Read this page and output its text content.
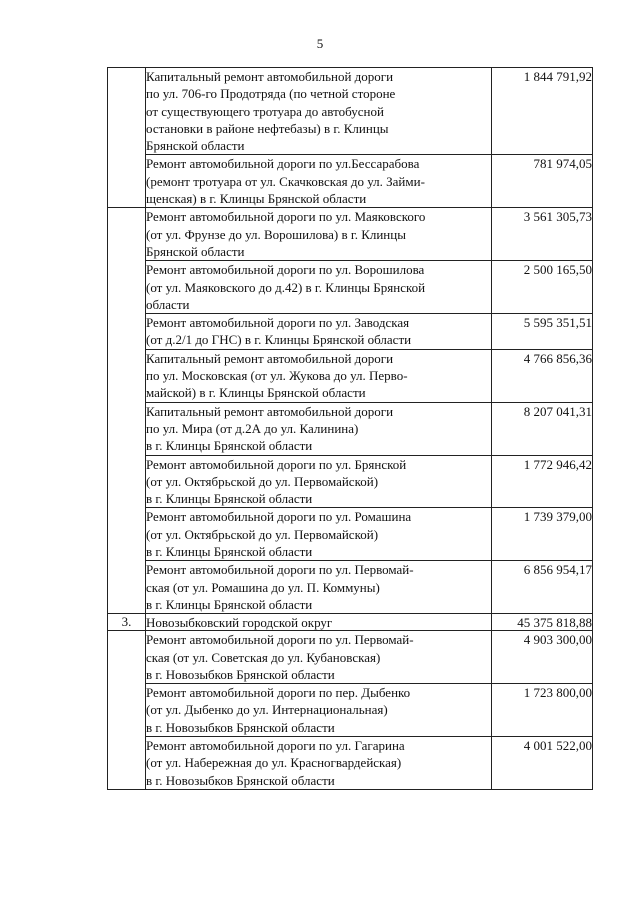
5

	Капитальный ремонт автомобильной дороги
по ул. 706-го Продотряда (по четной стороне
от существующего тротуара до автобусной
остановки в районе нефтебазы) в г. Клинцы
Брянской области	1 844 791,92

	Ремонт автомобильной дороги по ул.Бессарабова
(ремонт тротуара от ул. Скачковская до ул. Займи-
щенская) в г. Клинцы Брянской области	781 974,05

	Ремонт автомобильной дороги по ул. Маяковского
(от ул. Фрунзе до ул. Ворошилова) в г. Клинцы
Брянской области	3 561 305,73

	Ремонт автомобильной дороги по ул. Ворошилова
(от ул. Маяковского до д.42) в г. Клинцы Брянской
области	2 500 165,50

	Ремонт автомобильной дороги по ул. Заводская
(от д.2/1 до ГНС) в г. Клинцы Брянской области	5 595 351,51

	Капитальный ремонт автомобильной дороги
по ул. Московская (от ул. Жукова до ул. Перво-
майской) в г. Клинцы Брянской области	4 766 856,36

	Капитальный ремонт автомобильной дороги
по ул. Мира (от д.2А до ул. Калинина)
в г. Клинцы Брянской области	8 207 041,31

	Ремонт автомобильной дороги по ул. Брянской
(от ул. Октябрьской до ул. Первомайской)
в г. Клинцы Брянской области	1 772 946,42

	Ремонт автомобильной дороги по ул. Ромашина
(от ул. Октябрьской до ул. Первомайской)
в г. Клинцы Брянской области	1 739 379,00

	Ремонт автомобильной дороги по ул. Первомай-
ская (от ул. Ромашина до ул. П. Коммуны)
в г. Клинцы Брянской области	6 856 954,17
3.	Новозыбковский городской округ	45 375 818,88

	Ремонт автомобильной дороги по ул. Первомай-
ская (от ул. Советская до ул. Кубановская)
в г. Новозыбков Брянской области	4 903 300,00

	Ремонт автомобильной дороги по пер. Дыбенко
(от ул. Дыбенко до ул. Интернациональная)
в г. Новозыбков Брянской области	1 723 800,00

	Ремонт автомобильной дороги по ул. Гагарина
(от ул. Набережная до ул. Красногвардейская)
в г. Новозыбков Брянской области	4 001 522,00
